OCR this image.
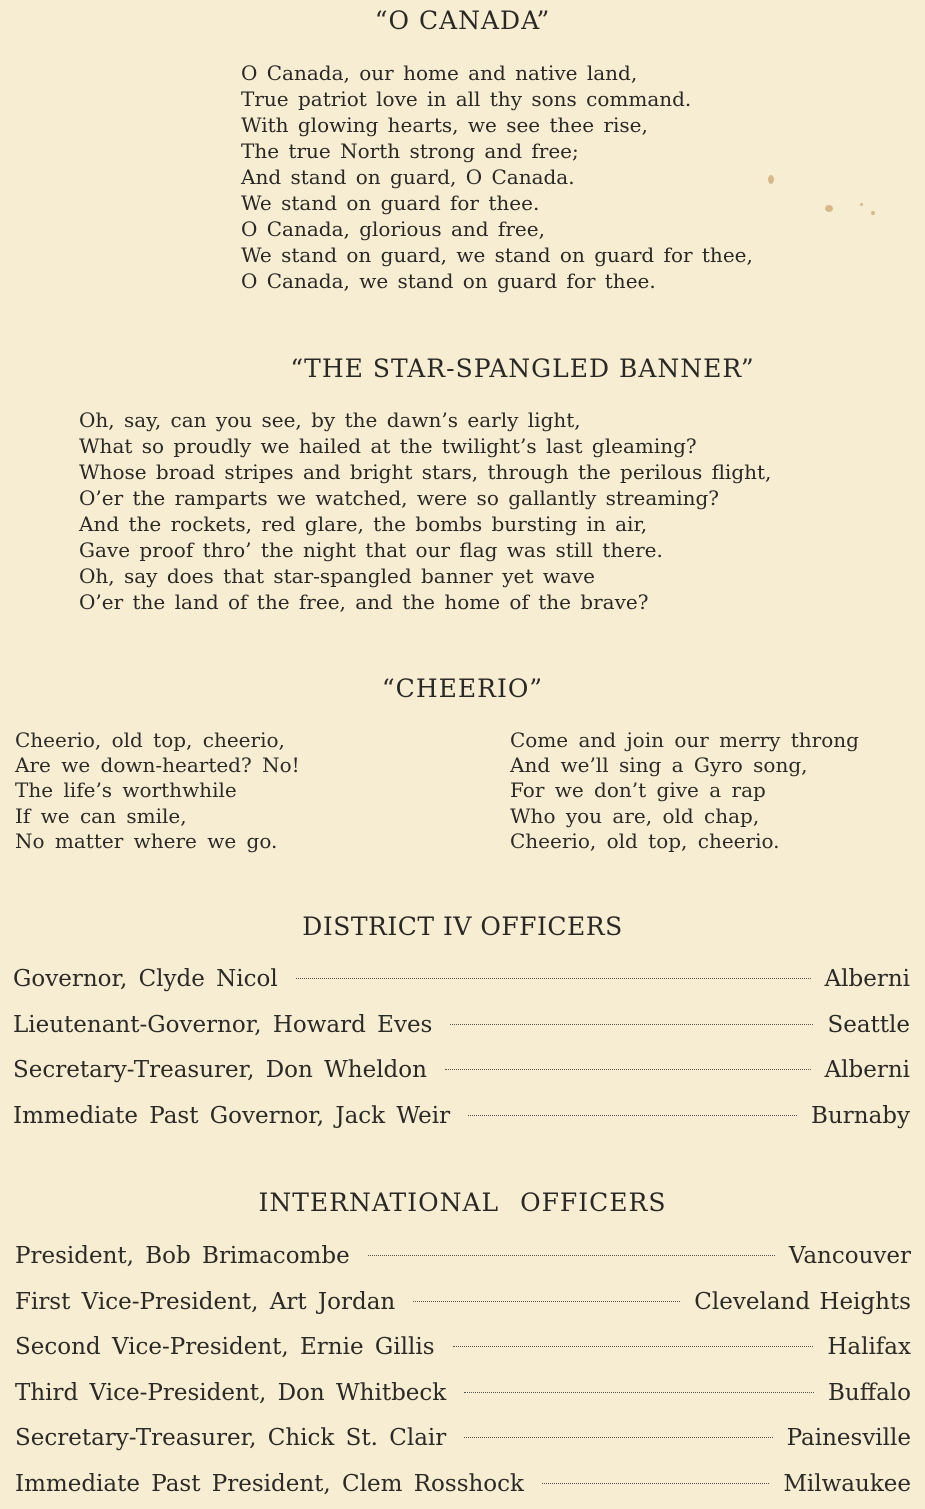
“O CANADA”
O Canada, our home and native land,
True patriot love in all thy sons command.
With glowing hearts, we see thee rise,
The true North strong and free;
And stand on guard, O Canada.
We stand on guard for thee.
O Canada, glorious and free,
We stand on guard, we stand on guard for thee,
O Canada, we stand on guard for thee.
“THE STAR-SPANGLED BANNER”
Oh, say, can you see, by the dawn’s early light,
What so proudly we hailed at the twilight’s last gleaming?
Whose broad stripes and bright stars, through the perilous flight,
O’er the ramparts we watched, were so gallantly streaming?
And the rockets, red glare, the bombs bursting in air,
Gave proof thro’ the night that our flag was still there.
Oh, say does that star-spangled banner yet wave
O’er the land of the free, and the home of the brave?
“CHEERIO”
Cheerio, old top, cheerio,
Are we down-hearted? No!
The life’s worthwhile
If we can smile,
No matter where we go.
Come and join our merry throng
And we’ll sing a Gyro song,
For we don’t give a rap
Who you are, old chap,
Cheerio, old top, cheerio.
DISTRICT IV OFFICERS
Governor, Clyde Nicol	Alberni
Lieutenant-Governor, Howard Eves	Seattle
Secretary-Treasurer, Don Wheldon	Alberni
Immediate Past Governor, Jack Weir	Burnaby
INTERNATIONAL OFFICERS
President, Bob Brimacombe	Vancouver
First Vice-President, Art Jordan	Cleveland Heights
Second Vice-President, Ernie Gillis	Halifax
Third Vice-President, Don Whitbeck	Buffalo
Secretary-Treasurer, Chick St. Clair	Painesville
Immediate Past President, Clem Rosshock	Milwaukee
